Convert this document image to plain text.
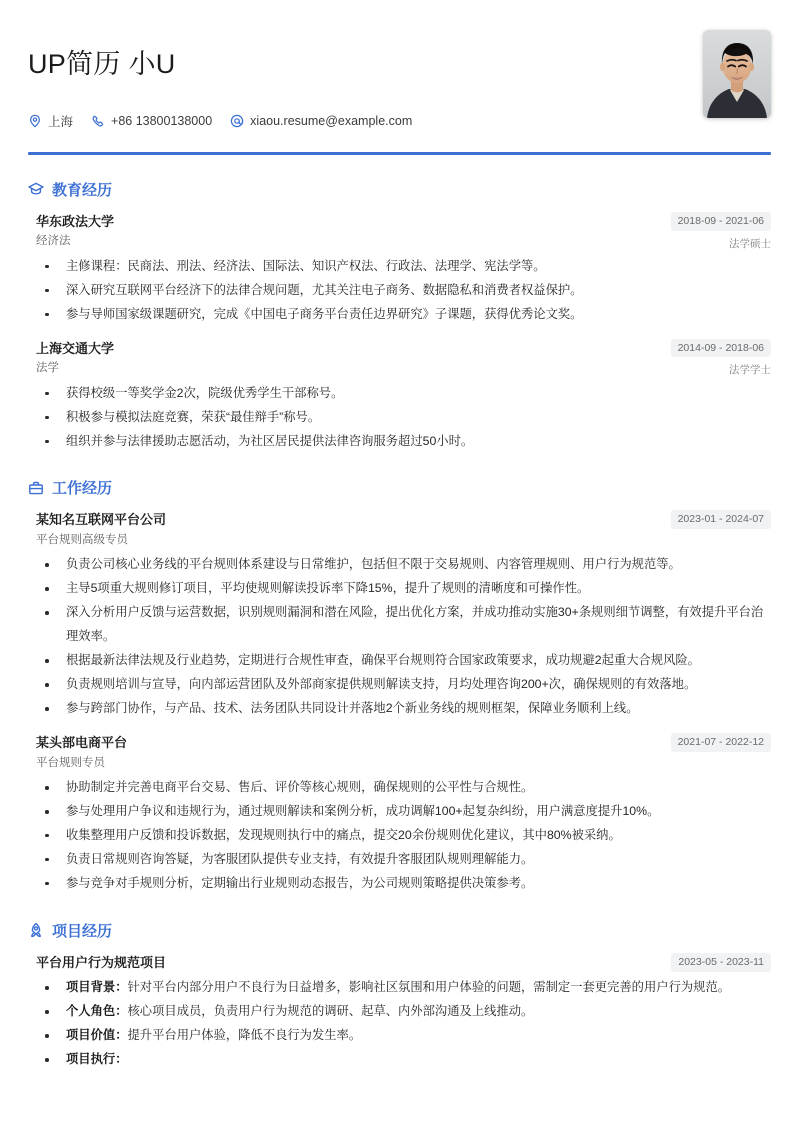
UP简历 小U
上海	+86 13800138000	xiaou.resume@example.com
教育经历
华东政法大学
经济法
2018-09 - 2021-06
法学硕士
主修课程：民商法、刑法、经济法、国际法、知识产权法、行政法、法理学、宪法学等。
深入研究互联网平台经济下的法律合规问题，尤其关注电子商务、数据隐私和消费者权益保护。
参与导师国家级课题研究，完成《中国电子商务平台责任边界研究》子课题，获得优秀论文奖。
上海交通大学
法学
2014-09 - 2018-06
法学学士
获得校级一等奖学金2次，院级优秀学生干部称号。
积极参与模拟法庭竞赛，荣获“最佳辩手”称号。
组织并参与法律援助志愿活动，为社区居民提供法律咨询服务超过50小时。
工作经历
某知名互联网平台公司
平台规则高级专员
2023-01 - 2024-07
负责公司核心业务线的平台规则体系建设与日常维护，包括但不限于交易规则、内容管理规则、用户行为规范等。
主导5项重大规则修订项目，平均使规则解读投诉率下降15%，提升了规则的清晰度和可操作性。
深入分析用户反馈与运营数据，识别规则漏洞和潜在风险，提出优化方案，并成功推动实施30+条规则细节调整，有效提升平台治理效率。
根据最新法律法规及行业趋势，定期进行合规性审查，确保平台规则符合国家政策要求，成功规避2起重大合规风险。
负责规则培训与宣导，向内部运营团队及外部商家提供规则解读支持，月均处理咨询200+次，确保规则的有效落地。
参与跨部门协作，与产品、技术、法务团队共同设计并落地2个新业务线的规则框架，保障业务顺利上线。
某头部电商平台
平台规则专员
2021-07 - 2022-12
协助制定并完善电商平台交易、售后、评价等核心规则，确保规则的公平性与合规性。
参与处理用户争议和违规行为，通过规则解读和案例分析，成功调解100+起复杂纠纷，用户满意度提升10%。
收集整理用户反馈和投诉数据，发现规则执行中的痛点，提交20余份规则优化建议，其中80%被采纳。
负责日常规则咨询答疑，为客服团队提供专业支持，有效提升客服团队规则理解能力。
参与竞争对手规则分析，定期输出行业规则动态报告，为公司规则策略提供决策参考。
项目经历
平台用户行为规范项目	2023-05 - 2023-11
项目背景：针对平台内部分用户不良行为日益增多，影响社区氛围和用户体验的问题，需制定一套更完善的用户行为规范。
个人角色：核心项目成员，负责用户行为规范的调研、起草、内外部沟通及上线推动。
项目价值：提升平台用户体验，降低不良行为发生率。
项目执行：
